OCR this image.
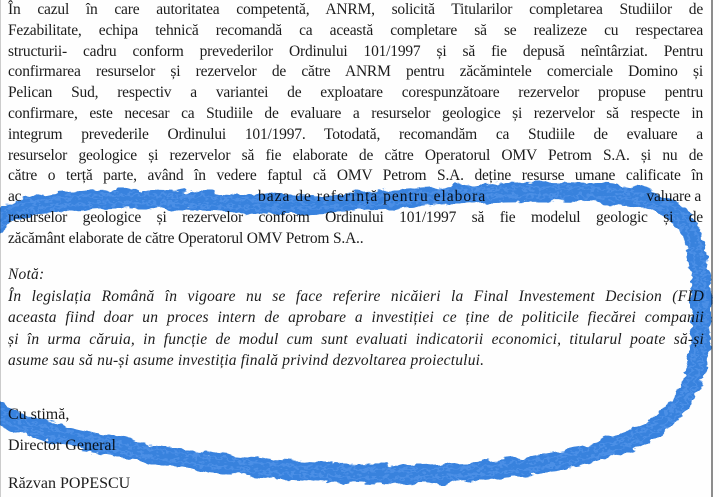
În cazul în care autoritatea competentă, ANRM, solicită Titularilor completarea Studiilor de
Fezabilitate, echipa tehnică recomandă ca această completare să se realizeze cu respectarea
structurii- cadru conform prevederilor Ordinului 101/1997 și să fie depusă neîntârziat. Pentru
confirmarea resurselor și rezervelor de către ANRM pentru zăcămintele comerciale Domino și
Pelican Sud, respectiv a variantei de exploatare corespunzătoare rezervelor propuse pentru
confirmare, este necesar ca Studiile de evaluare a resurselor geologice și rezervelor să respecte in
integrum prevederile Ordinului 101/1997. Totodată, recomandăm ca Studiile de evaluare a
resurselor geologice și rezervelor să fie elaborate de către Operatorul OMV Petrom S.A. și nu de
către o terță parte, având în vedere faptul că OMV Petrom S.A. deține resurse umane calificate în
ac	baza de referință pentru elabora	valuare a
resurselor geologice și rezervelor conform Ordinului 101/1997 să fie modelul geologic și de
zăcământ elaborate de către Operatorul OMV Petrom S.A..
Notă:
În legislația Română în vigoare nu se face referire nicăieri la Final Investement Decision (FID
aceasta fiind doar un proces intern de aprobare a investiției ce ține de politicile fiecărei companii
și în urma căruia, in funcție de modul cum sunt evaluati indicatorii economici, titularul poate să-și
asume sau să nu-și asume investiția finală privind dezvoltarea proiectului.
Cu stimă,
Director General
Răzvan POPESCU
